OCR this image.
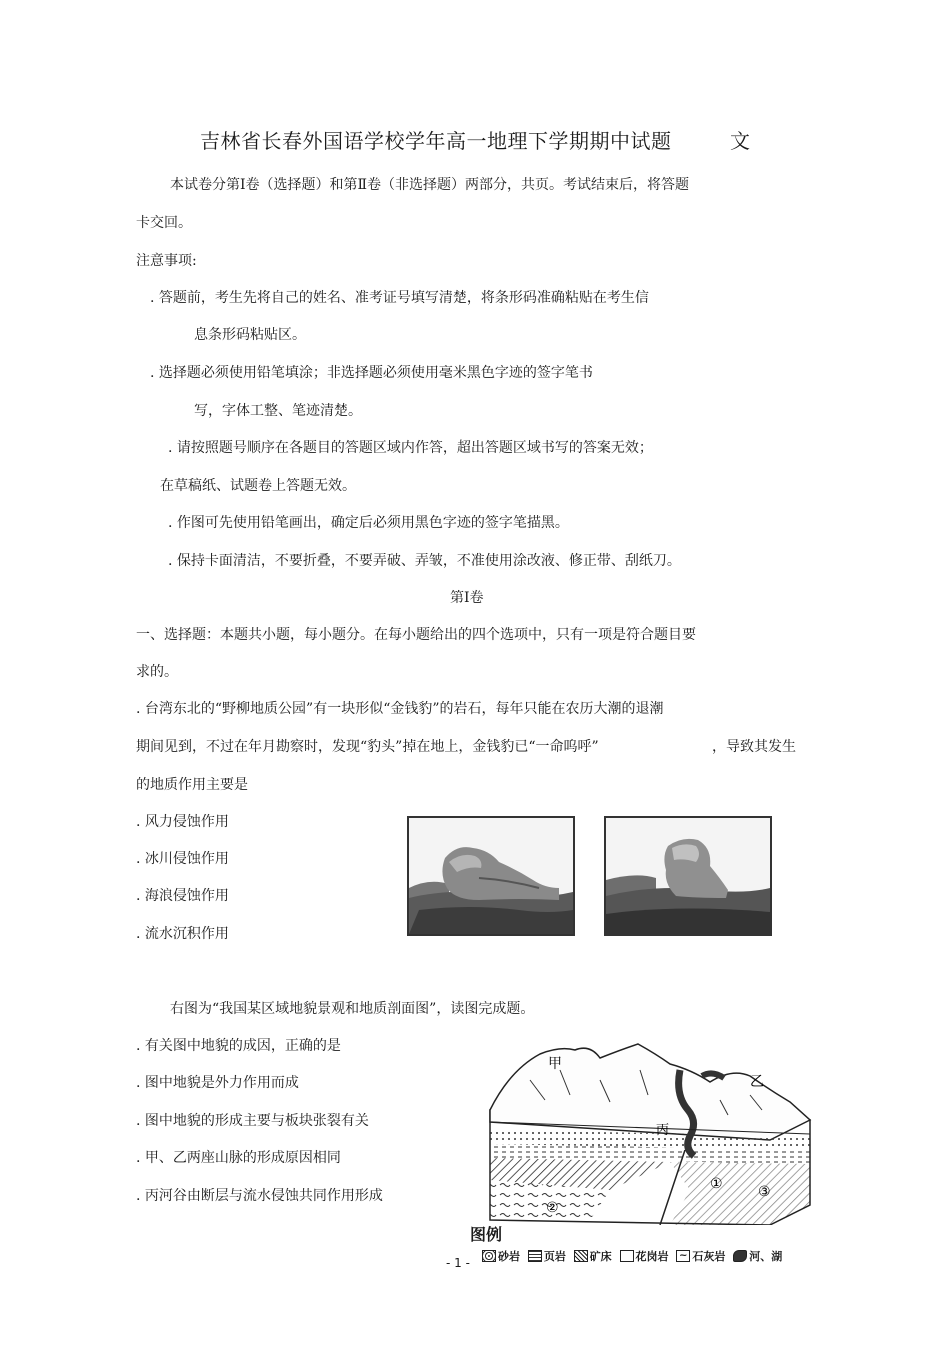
吉林省长春外国语学校学年高一地理下学期期中试题	文
本试卷分第Ⅰ卷（选择题）和第Ⅱ卷（非选择题）两部分，共页。考试结束后，将答题
卡交回。
注意事项:
. 答题前，考生先将自己的姓名、准考证号填写清楚，将条形码准确粘贴在考生信
息条形码粘贴区。
. 选择题必须使用铅笔填涂；非选择题必须使用毫米黑色字迹的签字笔书
写，字体工整、笔迹清楚。
. 请按照题号顺序在各题目的答题区域内作答，超出答题区域书写的答案无效；
在草稿纸、试题卷上答题无效。
. 作图可先使用铅笔画出，确定后必须用黑色字迹的签字笔描黑。
. 保持卡面清洁，不要折叠，不要弄破、弄皱，不准使用涂改液、修正带、刮纸刀。
第Ⅰ卷
一、选择题：本题共小题，每小题分。在每小题给出的四个选项中，只有一项是符合题目要
求的。
. 台湾东北的“野柳地质公园”有一块形似“金钱豹”的岩石，每年只能在农历大潮的退潮
期间见到，不过在年月勘察时，发现“豹头”掉在地上，金钱豹已“一命呜呼”	，导致其发生
的地质作用主要是
. 风力侵蚀作用
. 冰川侵蚀作用
. 海浪侵蚀作用
. 流水沉积作用
右图为“我国某区域地貌景观和地质剖面图”，读图完成题。
. 有关图中地貌的成因，正确的是
. 图中地貌是外力作用而成
. 图中地貌的形成主要与板块张裂有关
. 甲、乙两座山脉的形成原因相同
. 丙河谷由断层与流水侵蚀共同作用形成
甲
乙
丙
①
②
③
图例
砂岩 页岩 矿床 花岗岩 ~ 石灰岩 河、湖
- 1 -
